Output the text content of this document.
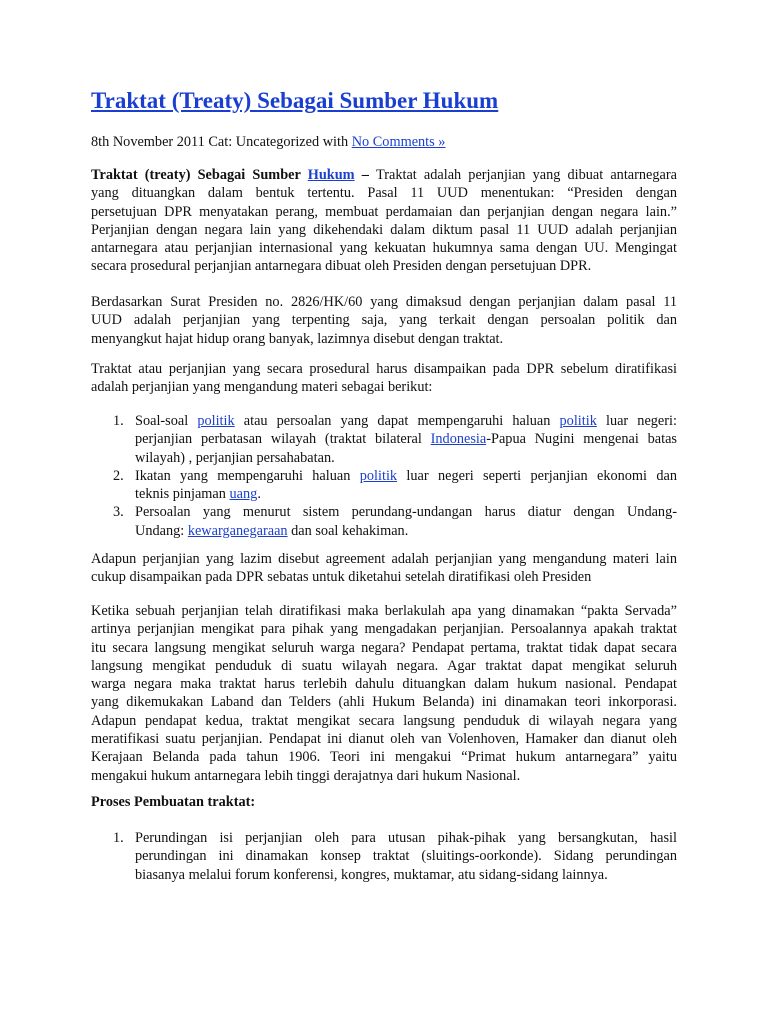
Traktat (Treaty) Sebagai Sumber Hukum
8th November 2011 Cat: Uncategorized with No Comments »
Traktat (treaty) Sebagai Sumber Hukum – Traktat adalah perjanjian yang dibuat antarnegara
yang dituangkan dalam bentuk tertentu. Pasal 11 UUD menentukan: “Presiden dengan
persetujuan DPR menyatakan perang, membuat perdamaian dan perjanjian dengan negara lain.”
Perjanjian dengan negara lain yang dikehendaki dalam diktum pasal 11 UUD adalah perjanjian
antarnegara atau perjanjian internasional yang kekuatan hukumnya sama dengan UU. Mengingat
secara prosedural perjanjian antarnegara dibuat oleh Presiden dengan persetujuan DPR.
Berdasarkan Surat Presiden no. 2826/HK/60 yang dimaksud dengan perjanjian dalam pasal 11
UUD adalah perjanjian yang terpenting saja, yang terkait dengan persoalan politik dan
menyangkut hajat hidup orang banyak, lazimnya disebut dengan traktat.
Traktat atau perjanjian yang secara prosedural harus disampaikan pada DPR sebelum diratifikasi
adalah perjanjian yang mengandung materi sebagai berikut:
1. Soal-soal politik atau persoalan yang dapat mempengaruhi haluan politik luar negeri:
perjanjian perbatasan wilayah (traktat bilateral Indonesia-Papua Nugini mengenai batas
wilayah) , perjanjian persahabatan.
2. Ikatan yang mempengaruhi haluan politik luar negeri seperti perjanjian ekonomi dan
teknis pinjaman uang.
3. Persoalan yang menurut sistem perundang-undangan harus diatur dengan Undang-
Undang: kewarganegaraan dan soal kehakiman.
Adapun perjanjian yang lazim disebut agreement adalah perjanjian yang mengandung materi lain
cukup disampaikan pada DPR sebatas untuk diketahui setelah diratifikasi oleh Presiden
Ketika sebuah perjanjian telah diratifikasi maka berlakulah apa yang dinamakan “pakta Servada”
artinya perjanjian mengikat para pihak yang mengadakan perjanjian. Persoalannya apakah traktat
itu secara langsung mengikat seluruh warga negara? Pendapat pertama, traktat tidak dapat secara
langsung mengikat penduduk di suatu wilayah negara. Agar traktat dapat mengikat seluruh
warga negara maka traktat harus terlebih dahulu dituangkan dalam hukum nasional. Pendapat
yang dikemukakan Laband dan Telders (ahli Hukum Belanda) ini dinamakan teori inkorporasi.
Adapun pendapat kedua, traktat mengikat secara langsung penduduk di wilayah negara yang
meratifikasi suatu perjanjian. Pendapat ini dianut oleh van Volenhoven, Hamaker dan dianut oleh
Kerajaan Belanda pada tahun 1906. Teori ini mengakui “Primat hukum antarnegara” yaitu
mengakui hukum antarnegara lebih tinggi derajatnya dari hukum Nasional.
Proses Pembuatan traktat:
1. Perundingan isi perjanjian oleh para utusan pihak-pihak yang bersangkutan, hasil
perundingan ini dinamakan konsep traktat (sluitings-oorkonde). Sidang perundingan
biasanya melalui forum konferensi, kongres, muktamar, atu sidang-sidang lainnya.
